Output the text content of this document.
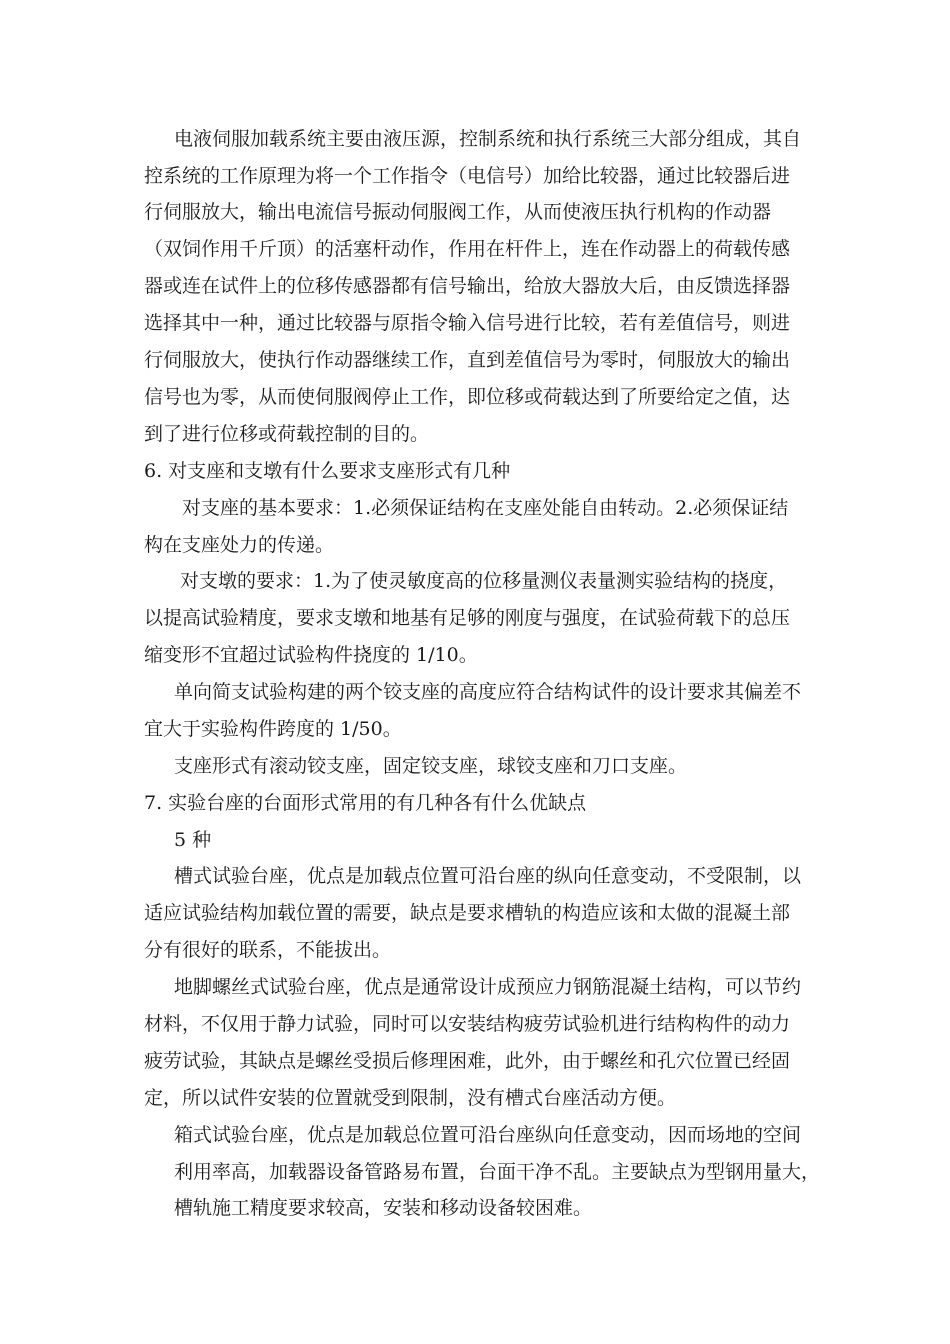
电液伺服加载系统主要由液压源，控制系统和执行系统三大部分组成，其自
控系统的工作原理为将一个工作指令（电信号）加给比较器，通过比较器后进
行伺服放大，输出电流信号振动伺服阀工作，从而使液压执行机构的作动器
（双饲作用千斤顶）的活塞杆动作，作用在杆件上，连在作动器上的荷载传感
器或连在试件上的位移传感器都有信号输出，给放大器放大后，由反馈选择器
选择其中一种，通过比较器与原指令输入信号进行比较，若有差值信号，则进
行伺服放大，使执行作动器继续工作，直到差值信号为零时，伺服放大的输出
信号也为零，从而使伺服阀停止工作，即位移或荷载达到了所要给定之值，达
到了进行位移或荷载控制的目的。
6. 对支座和支墩有什么要求支座形式有几种
对支座的基本要求：1.必须保证结构在支座处能自由转动。2.必须保证结
构在支座处力的传递。
对支墩的要求：1.为了使灵敏度高的位移量测仪表量测实验结构的挠度，
以提高试验精度，要求支墩和地基有足够的刚度与强度，在试验荷载下的总压
缩变形不宜超过试验构件挠度的 1/10。
单向简支试验构建的两个铰支座的高度应符合结构试件的设计要求其偏差不
宜大于实验构件跨度的 1/50。
支座形式有滚动铰支座，固定铰支座，球铰支座和刀口支座。
7. 实验台座的台面形式常用的有几种各有什么优缺点
5 种
槽式试验台座，优点是加载点位置可沿台座的纵向任意变动，不受限制，以
适应试验结构加载位置的需要，缺点是要求槽轨的构造应该和太做的混凝土部
分有很好的联系，不能拔出。
地脚螺丝式试验台座，优点是通常设计成预应力钢筋混凝土结构，可以节约
材料，不仅用于静力试验，同时可以安装结构疲劳试验机进行结构构件的动力
疲劳试验，其缺点是螺丝受损后修理困难，此外，由于螺丝和孔穴位置已经固
定，所以试件安装的位置就受到限制，没有槽式台座活动方便。
箱式试验台座，优点是加载总位置可沿台座纵向任意变动，因而场地的空间
利用率高，加载器设备管路易布置，台面干净不乱。主要缺点为型钢用量大，
槽轨施工精度要求较高，安装和移动设备较困难。
